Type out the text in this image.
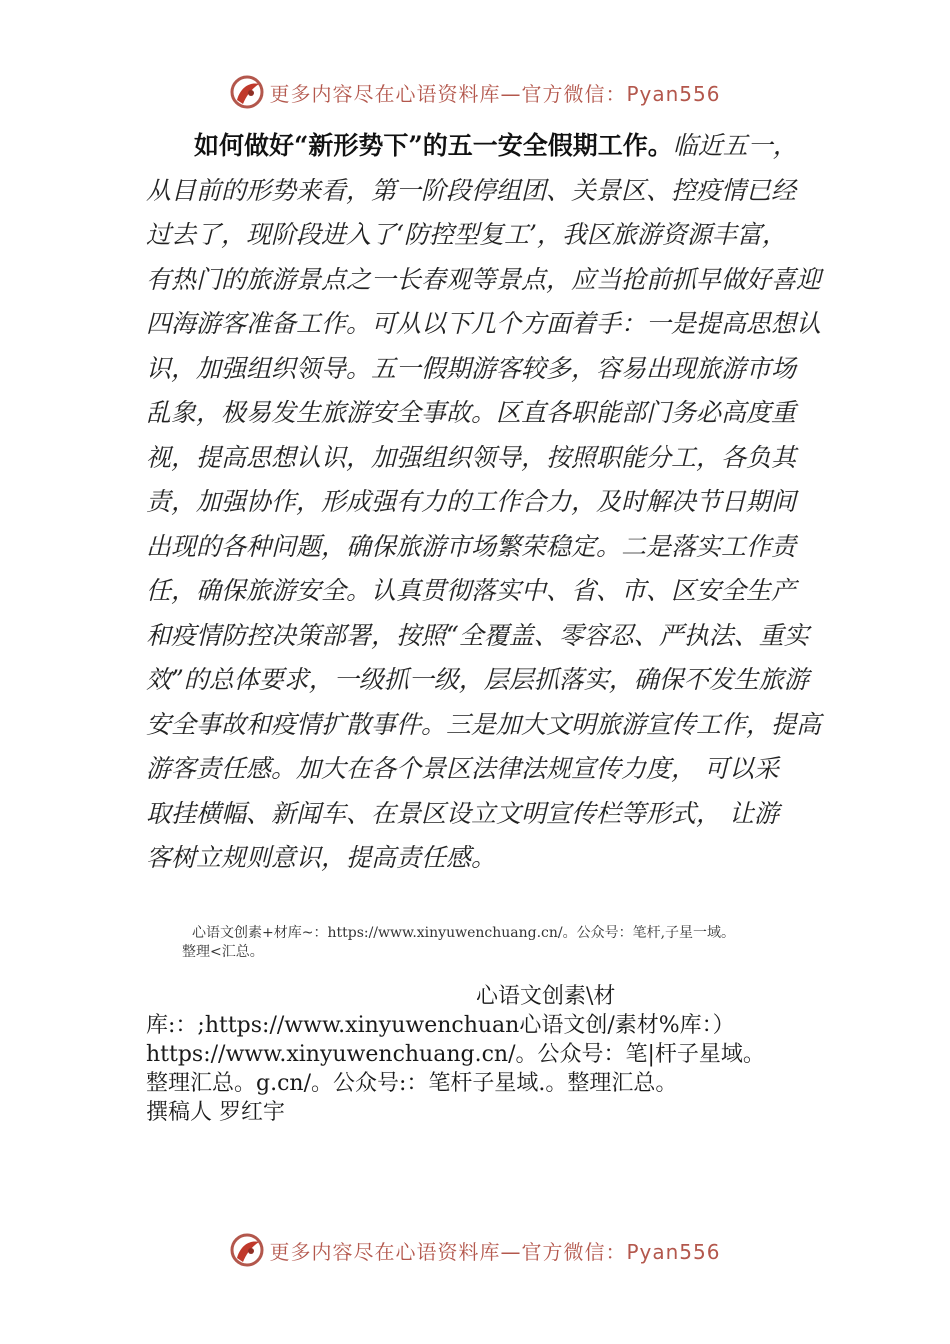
更多内容尽在心语资料库—官方微信：Pyan556
如何做好“新形势下”的五一安全假期工作。临近五一，
从目前的形势来看，第一阶段停组团、关景区、控疫情已经
过去了，现阶段进入了‘防控型复工’，我区旅游资源丰富，
有热门的旅游景点之一长春观等景点，应当抢前抓早做好喜迎
四海游客准备工作。可从以下几个方面着手：一是提高思想认
识，加强组织领导。五一假期游客较多，容易出现旅游市场
乱象，极易发生旅游安全事故。区直各职能部门务必高度重
视，提高思想认识，加强组织领导，按照职能分工，各负其
责，加强协作，形成强有力的工作合力，及时解决节日期间
出现的各种问题，确保旅游市场繁荣稳定。二是落实工作责
任，确保旅游安全。认真贯彻落实中、省、市、区安全生产
和疫情防控决策部署，按照“全覆盖、零容忍、严执法、重实
效”的总体要求，一级抓一级，层层抓落实，确保不发生旅游
安全事故和疫情扩散事件。三是加大文明旅游宣传工作，提高
游客责任感。加大在各个景区法律法规宣传力度， 可以采
取挂横幅、新闻车、在景区设立文明宣传栏等形式， 让游
客树立规则意识，提高责任感。
心语文创素+材库~：https://www.xinyuwenchuang.cn/。公众号：笔杆,子星一域。
整理<汇总。
心语文创素\材
库:：;https://www.xinyuwenchuan心语文创/素材%库：）
https://www.xinyuwenchuang.cn/。公众号：笔|杆子星域。
整理汇总。g.cn/。公众号:：笔杆子星域.。整理汇总。
撰稿人 罗红宇
更多内容尽在心语资料库—官方微信：Pyan556
